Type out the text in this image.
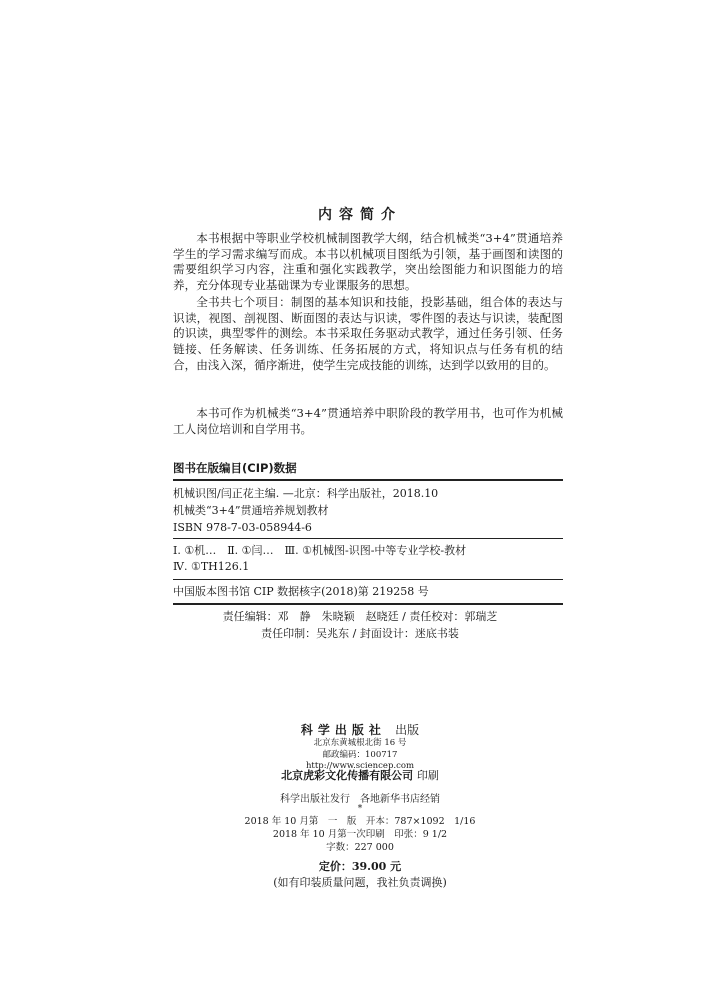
内容简介

本书根据中等职业学校机械制图教学大纲，结合机械类“3+4”贯通培养学生的学习需求编写而成。本书以机械项目图纸为引领，基于画图和读图的需要组织学习内容，注重和强化实践教学，突出绘图能力和识图能力的培养，充分体现专业基础课为专业课服务的思想。

全书共七个项目：制图的基本知识和技能，投影基础，组合体的表达与识读，视图、剖视图、断面图的表达与识读，零件图的表达与识读，装配图的识读，典型零件的测绘。本书采取任务驱动式教学，通过任务引领、任务链接、任务解读、任务训练、任务拓展的方式，将知识点与任务有机的结合，由浅入深，循序渐进，使学生完成技能的训练，达到学以致用的目的。

本书可作为机械类“3+4”贯通培养中职阶段的教学用书，也可作为机械工人岗位培训和自学用书。

图书在版编目(CIP)数据
机械识图/闫正花主编. —北京：科学出版社，2018.10
机械类“3+4”贯通培养规划教材
ISBN 978-7-03-058944-6
Ⅰ. ①机…　Ⅱ. ①闫…　Ⅲ. ①机械图-识图-中等专业学校-教材
Ⅳ. ①TH126.1
中国版本图书馆 CIP 数据核字(2018)第 219258 号
责任编辑：邓　静　朱晓颖　赵晓廷 / 责任校对：郭瑞芝
责任印制：吴兆东 / 封面设计：迷底书装
科学出版社 出版
北京东黄城根北街 16 号
邮政编码：100717
http://www.sciencep.com
北京虎彩文化传播有限公司 印刷
科学出版社发行　各地新华书店经销
*
2018 年 10 月第　一　版　开本：787×1092　1/16
2018 年 10 月第一次印刷　印张：9 1/2
字数：227 000
定价：39.00 元
(如有印装质量问题，我社负责调换)
